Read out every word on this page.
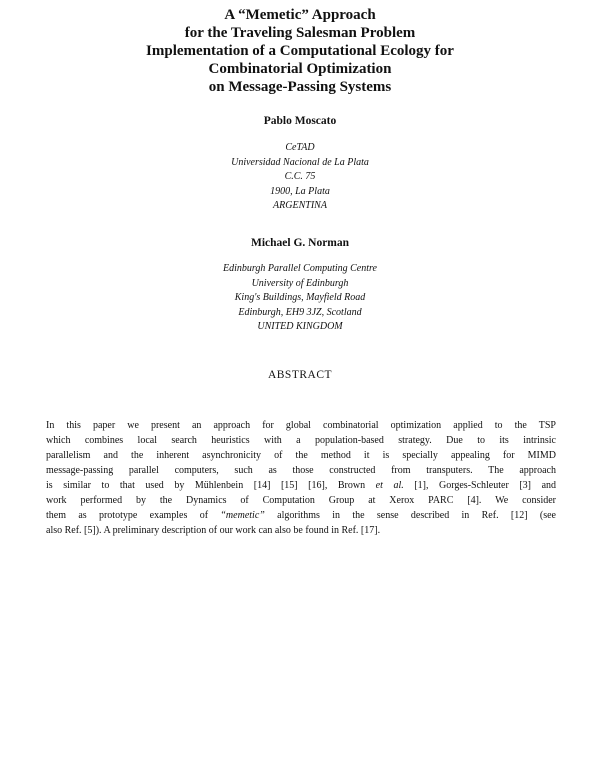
A “Memetic” Approach
for the Traveling Salesman Problem
Implementation of a Computational Ecology for
Combinatorial Optimization
on Message-Passing Systems
Pablo Moscato
CeTAD
Universidad Nacional de La Plata
C.C. 75
1900, La Plata
ARGENTINA
Michael G. Norman
Edinburgh Parallel Computing Centre
University of Edinburgh
King's Buildings, Mayfield Road
Edinburgh, EH9 3JZ, Scotland
UNITED KINGDOM
ABSTRACT
In this paper we present an approach for global combinatorial optimization applied to the TSP
which combines local search heuristics with a population-based strategy. Due to its intrinsic
parallelism and the inherent asynchronicity of the method it is specially appealing for MIMD
message-passing parallel computers, such as those constructed from transputers. The approach
is similar to that used by Mühlenbein [14] [15] [16], Brown et al. [1], Gorges-Schleuter [3] and
work performed by the Dynamics of Computation Group at Xerox PARC [4]. We consider
them as prototype examples of “memetic” algorithms in the sense described in Ref. [12] (see
also Ref. [5]). A preliminary description of our work can also be found in Ref. [17].
